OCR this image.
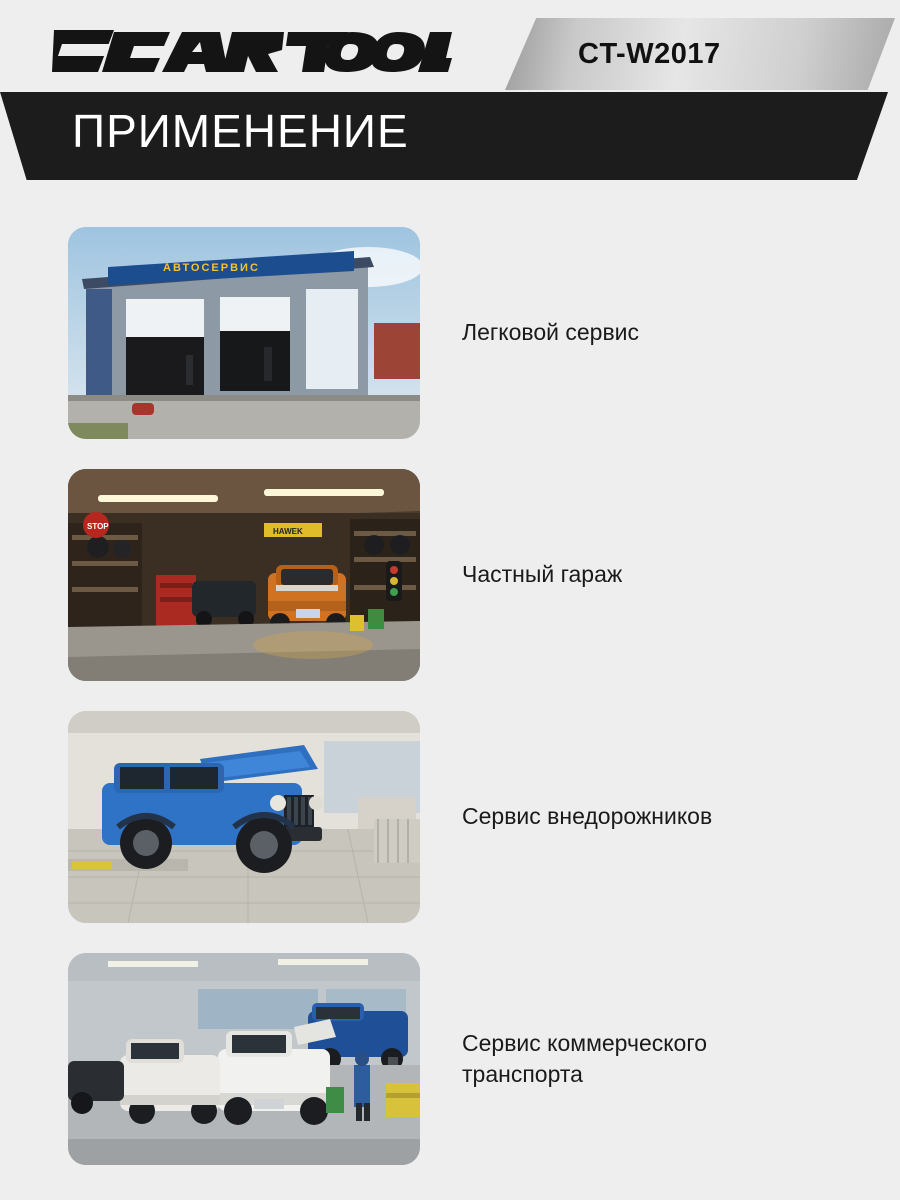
CT-W2017
ПРИМЕНЕНИЕ
АВТОСЕРВИС
Легковой сервис
STOP
HAWEK
Частный гараж
Сервис внедорожников
Сервис коммерческого транспорта
